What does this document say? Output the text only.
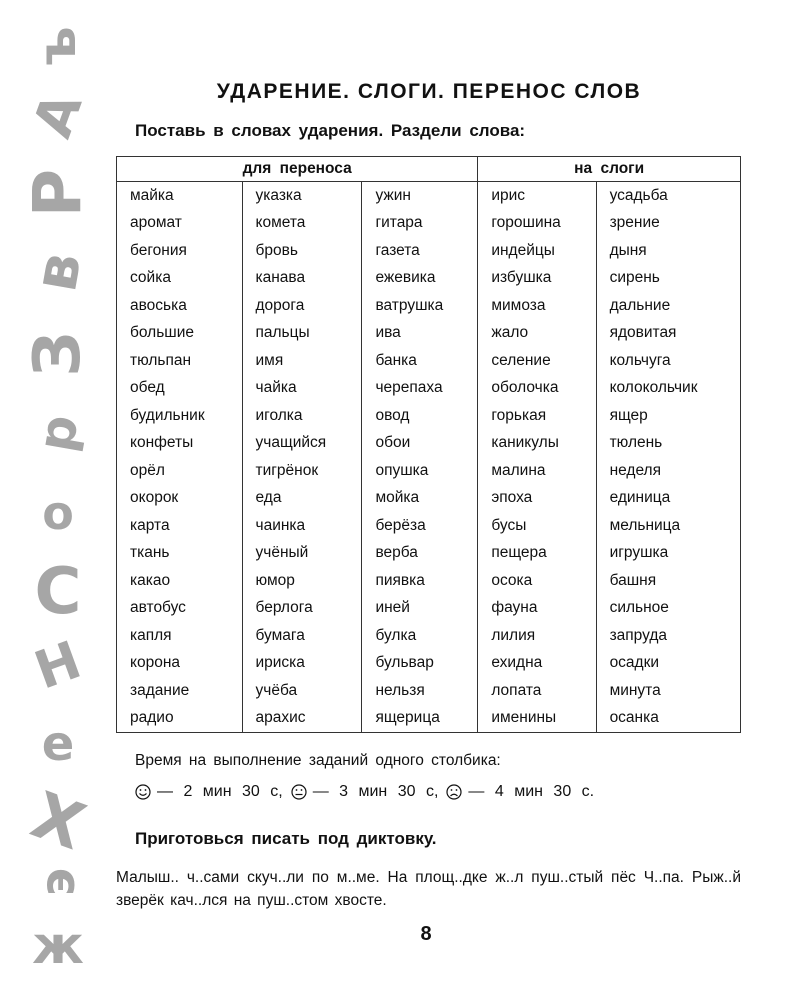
ъ
А
Р
в
З
р
о
С
Н
е
Х
э
ж
УДАРЕНИЕ. СЛОГИ. ПЕРЕНОС СЛОВ
Поставь в словах ударения. Раздели слова:
для переноса			на слоги	
майка	указка	ужин	ирис	усадьба
аромат	комета	гитара	горошина	зрение
бегония	бровь	газета	индейцы	дыня
сойка	канава	ежевика	избушка	сирень
авоська	дорога	ватрушка	мимоза	дальние
большие	пальцы	ива	жало	ядовитая
тюльпан	имя	банка	селение	кольчуга
обед	чайка	черепаха	оболочка	колокольчик
будильник	иголка	овод	горькая	ящер
конфеты	учащийся	обои	каникулы	тюлень
орёл	тигрёнок	опушка	малина	неделя
окорок	еда	мойка	эпоха	единица
карта	чаинка	берёза	бусы	мельница
ткань	учёный	верба	пещера	игрушка
какао	юмор	пиявка	осока	башня
автобус	берлога	иней	фауна	сильное
капля	бумага	булка	лилия	запруда
корона	ириска	бульвар	ехидна	осадки
задание	учёба	нельзя	лопата	минута
радио	арахис	ящерица	именины	осанка
Время на выполнение заданий одного столбика:
— 2 мин 30 с, — 3 мин 30 с, — 4 мин 30 с.
Приготовься писать под диктовку.
Малыш.. ч..сами скуч..ли по м..ме. На площ..дке ж..л пуш..стый пёс Ч..па. Рыж..й зверёк кач..лся на пуш..стом хвосте.
8
